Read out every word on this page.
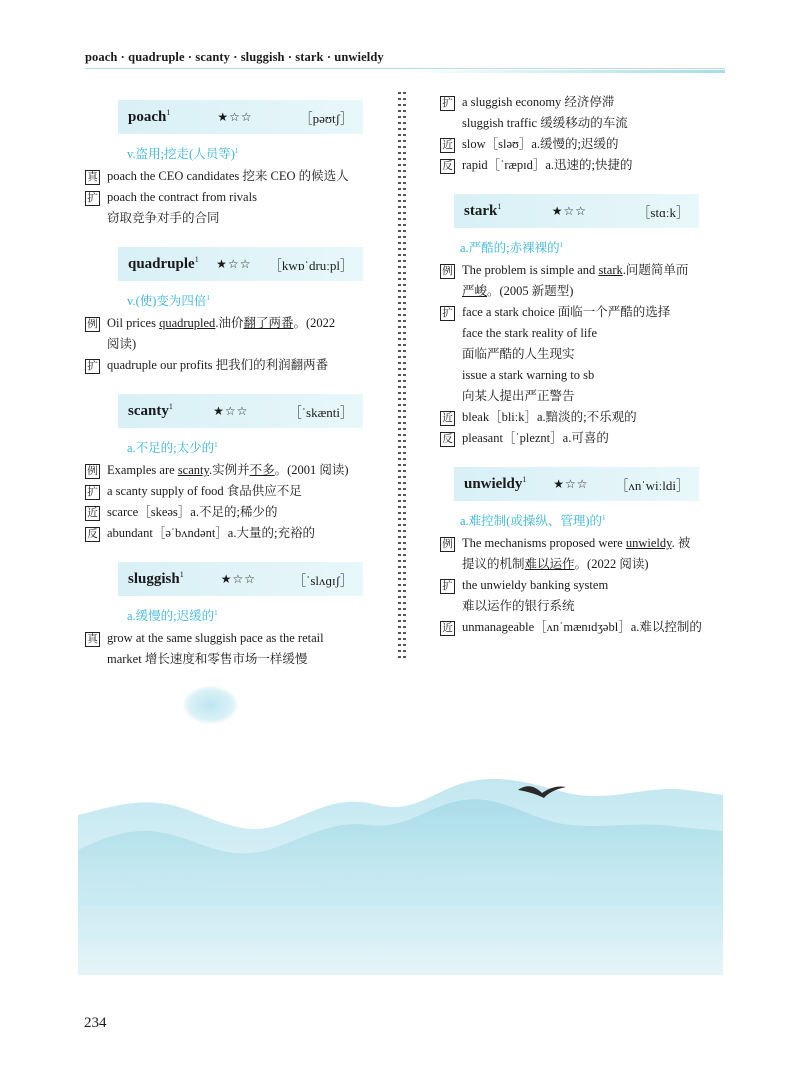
poach · quadruple · scanty · sluggish · stark · unwieldy
poach$^1$	★☆☆	［pəʊtʃ］
v.盗用;挖走(人员等)$^1$
真 poach the CEO candidates 挖来 CEO 的候选人
扩 poach the contract from rivals
窃取竞争对手的合同
quadruple$^1$ ★☆☆ ［kwɒˈdruːpl］
v.(使)变为四倍$^1$
例 Oil prices quadrupled.油价翻了两番。(2022
阅读)
扩 quadruple our profits 把我们的利润翻两番
scanty$^1$	★☆☆	［ˈskænti］
a.不足的;太少的$^1$
例 Examples are scanty.实例并不多。(2001 阅读)
扩 a scanty supply of food 食品供应不足
近 scarce［skeəs］a.不足的;稀少的
反 abundant［əˈbʌndənt］a.大量的;充裕的
sluggish$^1$	★☆☆	［ˈslʌɡɪʃ］
a.缓慢的;迟缓的$^1$
真 grow at the same sluggish pace as the retail
market 增长速度和零售市场一样缓慢
扩 a sluggish economy 经济停滞
sluggish traffic 缓缓移动的车流
近 slow［sləʊ］a.缓慢的;迟缓的
反 rapid［ˈræpɪd］a.迅速的;快捷的
stark$^1$	★☆☆	［stɑːk］
a.严酷的;赤裸裸的$^1$
例 The problem is simple and stark.问题简单而
严峻。(2005 新题型)
扩 face a stark choice 面临一个严酷的选择
face the stark reality of life
面临严酷的人生现实
issue a stark warning to sb
向某人提出严正警告
近 bleak［bliːk］a.黯淡的;不乐观的
反 pleasant［ˈpleznt］a.可喜的
unwieldy$^1$ ★☆☆ ［ʌnˈwiːldi］
a.难控制(或操纵、管理)的$^1$
例 The mechanisms proposed were unwieldy. 被
提议的机制难以运作。(2022 阅读)
扩 the unwieldy banking system
难以运作的银行系统
近 unmanageable［ʌnˈmænɪdʒəbl］a.难以控制的
234
